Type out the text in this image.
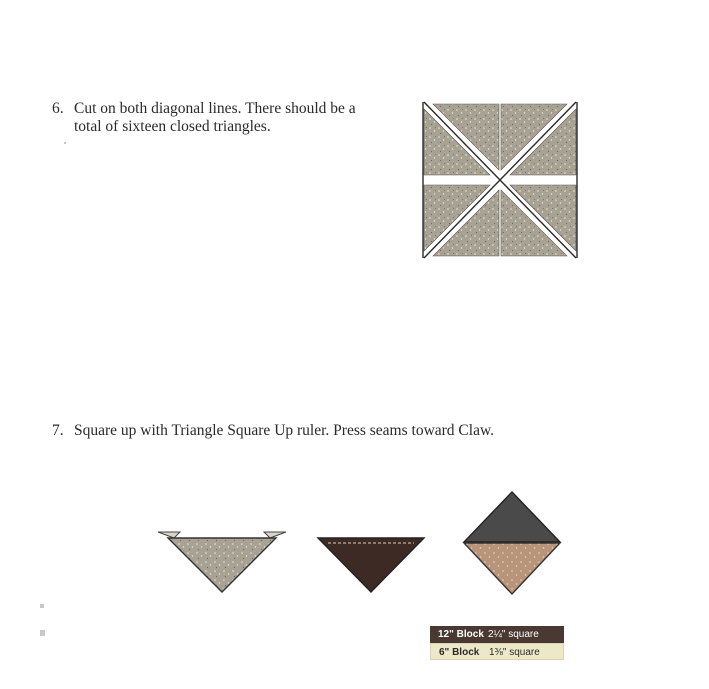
6. Cut on both diagonal lines. There should be a total of sixteen closed triangles.
7. Square up with Triangle Square Up ruler. Press seams toward Claw.
12" Block 2¼" square
6" Block 1⅜" square
